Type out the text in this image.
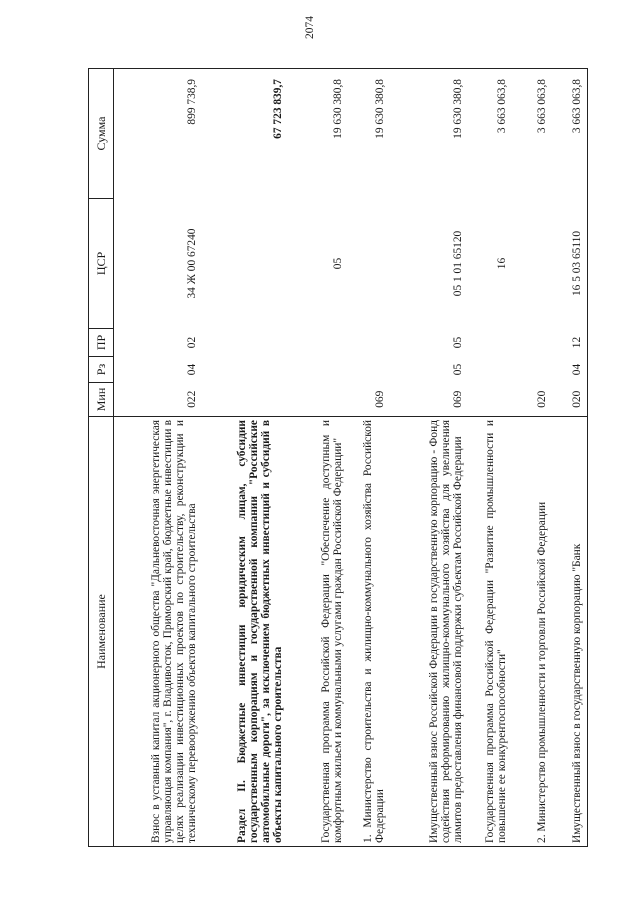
2074
Наименование	Мин	Рз	ПР	ЦСР	Сумма
Взнос в уставный капитал акционерного общества "Дальневосточная энергетическая управляющая компания", г. Владивосток, Приморский край, бюджетные инвестиции в целях реализации инвестиционных проектов по строительству, реконструкции и техническому перевооружению объектов капитального строительства	022	04	02	34 Ж 00 67240	899 738,9
Раздел II. Бюджетные инвестиции юридическим лицам, субсидии государственным корпорациям и государственной компании "Российские автомобильные дороги", за исключением бюджетных инвестиций и субсидий в объекты капитального строительства					67 723 839,7
Государственная программа Российской Федерации "Обеспечение доступным и комфортным жильем и коммунальными услугами граждан Российской Федерации"				05	19 630 380,8
1. Министерство строительства и жилищно-коммунального хозяйства Российской Федерации	069				19 630 380,8
Имущественный взнос Российской Федерации в государственную корпорацию - Фонд содействия реформированию жилищно-коммунального хозяйства для увеличения лимитов предоставления финансовой поддержки субъектам Российской Федерации	069	05	05	05 1 01 65120	19 630 380,8
Государственная программа Российской Федерации "Развитие промышленности и повышение ее конкурентоспособности"				16	3 663 063,8
2. Министерство промышленности и торговли Российской Федерации	020				3 663 063,8
Имущественный взнос в государственную корпорацию "Банк	020	04	12	16 5 03 65110	3 663 063,8
